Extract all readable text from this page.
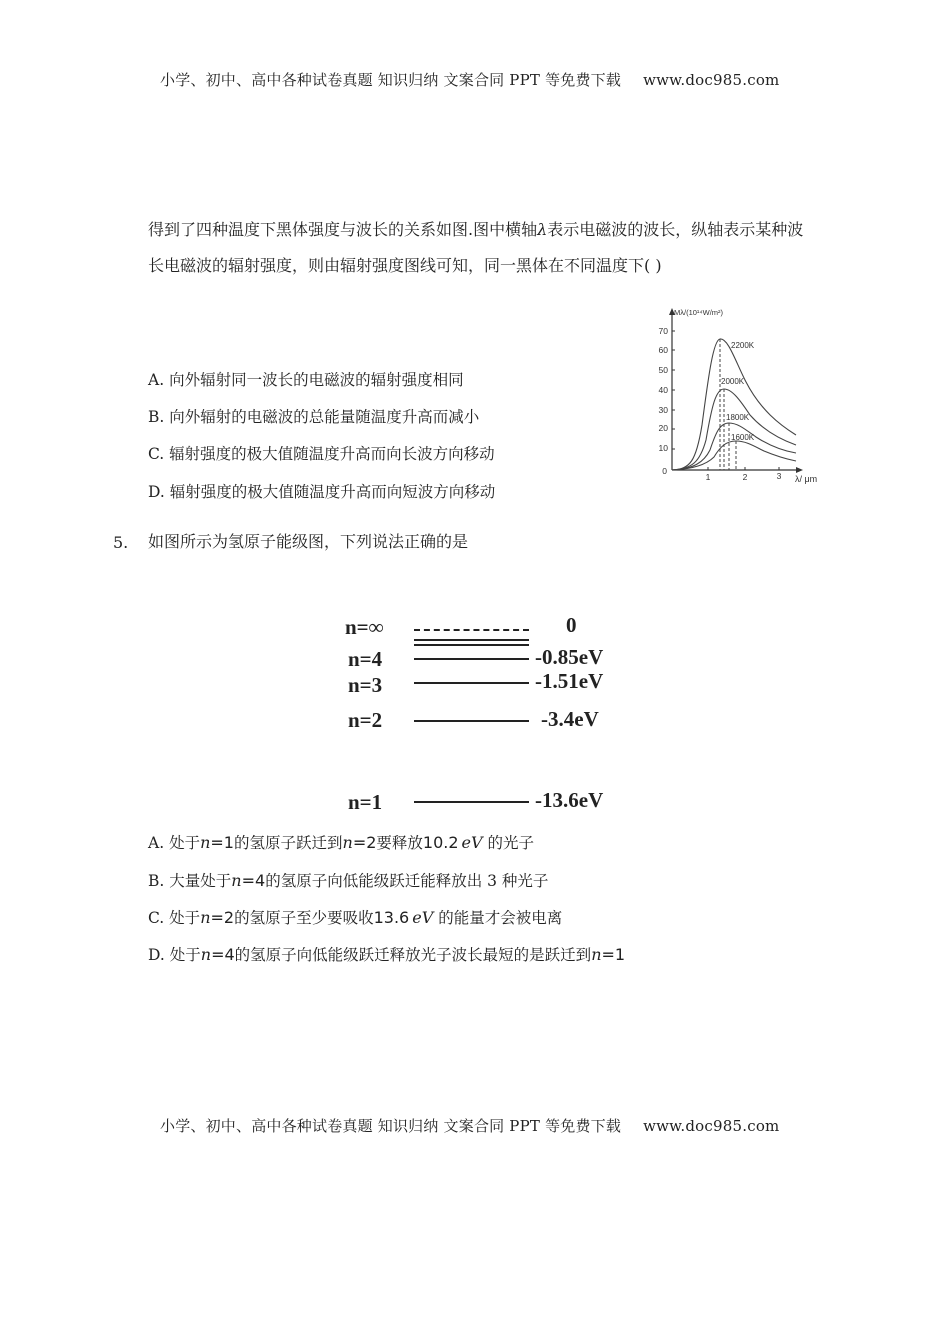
小学、初中、高中各种试卷真题 知识归纳 文案合同 PPT 等免费下载 www.doc985.com
得到了四种温度下黑体强度与波长的关系如图.图中横轴λ表示电磁波的波长，纵轴表示某种波
长电磁波的辐射强度，则由辐射强度图线可知，同一黑体在不同温度下( )
A. 向外辐射同一波长的电磁波的辐射强度相同
B. 向外辐射的电磁波的总能量随温度升高而减小
C. 辐射强度的极大值随温度升高而向长波方向移动
D. 辐射强度的极大值随温度升高而向短波方向移动
70
60
50
40
30
20
10
0
1	2	3 λ/ μm
Mλ/(10¹⁴W/m²)
2200K
2000K
1800K
1600K
5. 如图所示为氢原子能级图，下列说法正确的是
n=∞	0
n=4	-0.85eV
n=3	-1.51eV
n=2	-3.4eV
n=1	-13.6eV
A. 处于n=1的氢原子跃迁到n=2要释放10.2 eV 的光子
B. 大量处于n=4的氢原子向低能级跃迁能释放出 3 种光子
C. 处于n=2的氢原子至少要吸收13.6 eV 的能量才会被电离
D. 处于n=4的氢原子向低能级跃迁释放光子波长最短的是跃迁到n=1
小学、初中、高中各种试卷真题 知识归纳 文案合同 PPT 等免费下载 www.doc985.com
